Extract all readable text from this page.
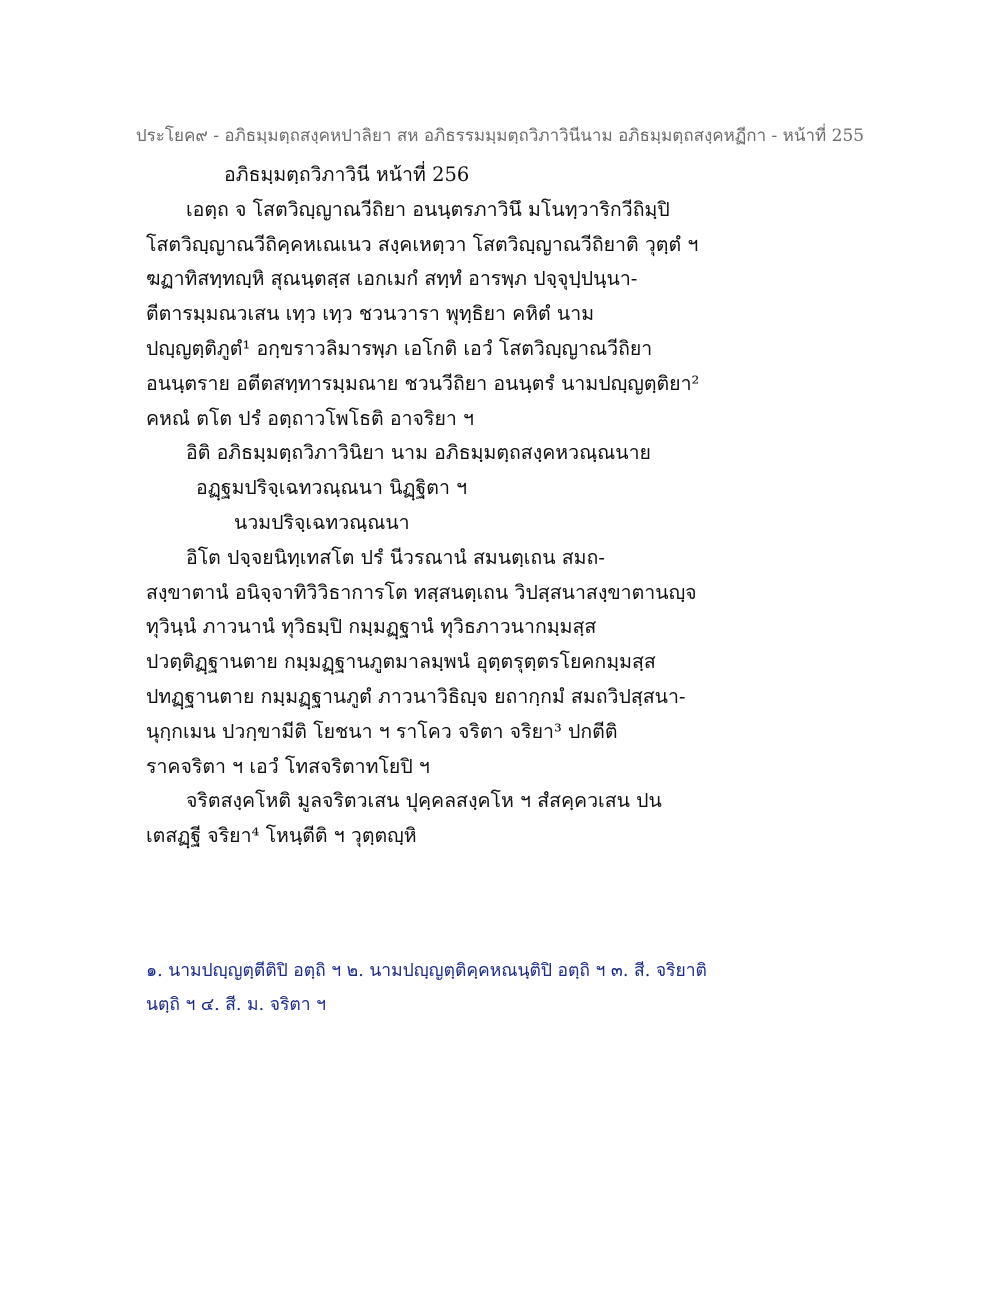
ประโยค๙ - อภิธมฺมตฺถสงฺคหปาลิยา สห อภิธรรมมฺมตฺถวิภาวินีนาม อภิธมฺมตฺถสงฺคหฏีกา - หน้าที่ 255
อภิธมฺมตฺถวิภาวินี หน้าที่ 256
เอตฺถ จ โสตวิญฺญาณวีถิยา อนนฺตรภาวินึ มโนทฺวาริกวีถิมฺปิ
โสตวิญฺญาณวีถิคฺคหเณเนว สงฺคเหตฺวา โสตวิญฺญาณวีถิยาติ วุตฺตํ ฯ
ฆฏาทิสทฺทญฺหิ สุณนฺตสฺส เอกเมกํ สทฺทํ อารพฺภ ปจฺจุปฺปนฺนา-
ตีตารมฺมณวเสน เทฺว เทฺว ชวนวารา พุทฺธิยา คหิตํ นาม
ปญฺญตฺติภูตํ¹ อกฺขราวลิมารพฺภ เอโกติ เอวํ โสตวิญฺญาณวีถิยา
อนนฺตราย อตีตสทฺทารมฺมณาย ชวนวีถิยา อนนฺตรํ นามปญฺญตฺติยา²
คหณํ ตโต ปรํ อตฺถาวโพโธติ อาจริยา ฯ
อิติ อภิธมฺมตฺถวิภาวินิยา นาม อภิธมฺมตฺถสงฺคหวณฺณนาย
อฏฺฐมปริจฺเฉทวณฺณนา นิฏฺฐิตา ฯ
นวมปริจฺเฉทวณฺณนา
อิโต ปจฺจยนิทฺเทสโต ปรํ นีวรณานํ สมนตฺเถน สมถ-
สงฺขาตานํ อนิจฺจาทิวิวิธาการโต ทสฺสนตฺเถน วิปสฺสนาสงฺขาตานญฺจ
ทุวินฺนํ ภาวนานํ ทุวิธมฺปิ กมฺมฏฺฐานํ ทุวิธภาวนากมฺมสฺส
ปวตฺติฏฺฐานตาย กมฺมฏฺฐานภูตมาลมฺพนํ อุตฺตรุตฺตรโยคกมฺมสฺส
ปทฏฺฐานตาย กมฺมฏฺฐานภูตํ ภาวนาวิธิญฺจ ยถากฺกมํ สมถวิปสฺสนา-
นุกฺกเมน ปวกฺขามีติ โยชนา ฯ ราโคว จริตา จริยา³ ปกตีติ
ราคจริตา ฯ เอวํ โทสจริตาทโยปิ ฯ
จริตสงฺคโหติ มูลจริตวเสน ปุคฺคลสงฺคโห ฯ สํสคฺควเสน ปน
เตสฏฺฐี จริยา⁴ โหนฺตีติ ฯ วุตฺตญฺหิ
๑. นามปญฺญตฺตีติปิ อตฺถิ ฯ ๒. นามปญฺญตฺติคฺคหณนฺติปิ อตฺถิ ฯ ๓. สี. จริยาติ
นตฺถิ ฯ ๔. สี. ม. จริตา ฯ
